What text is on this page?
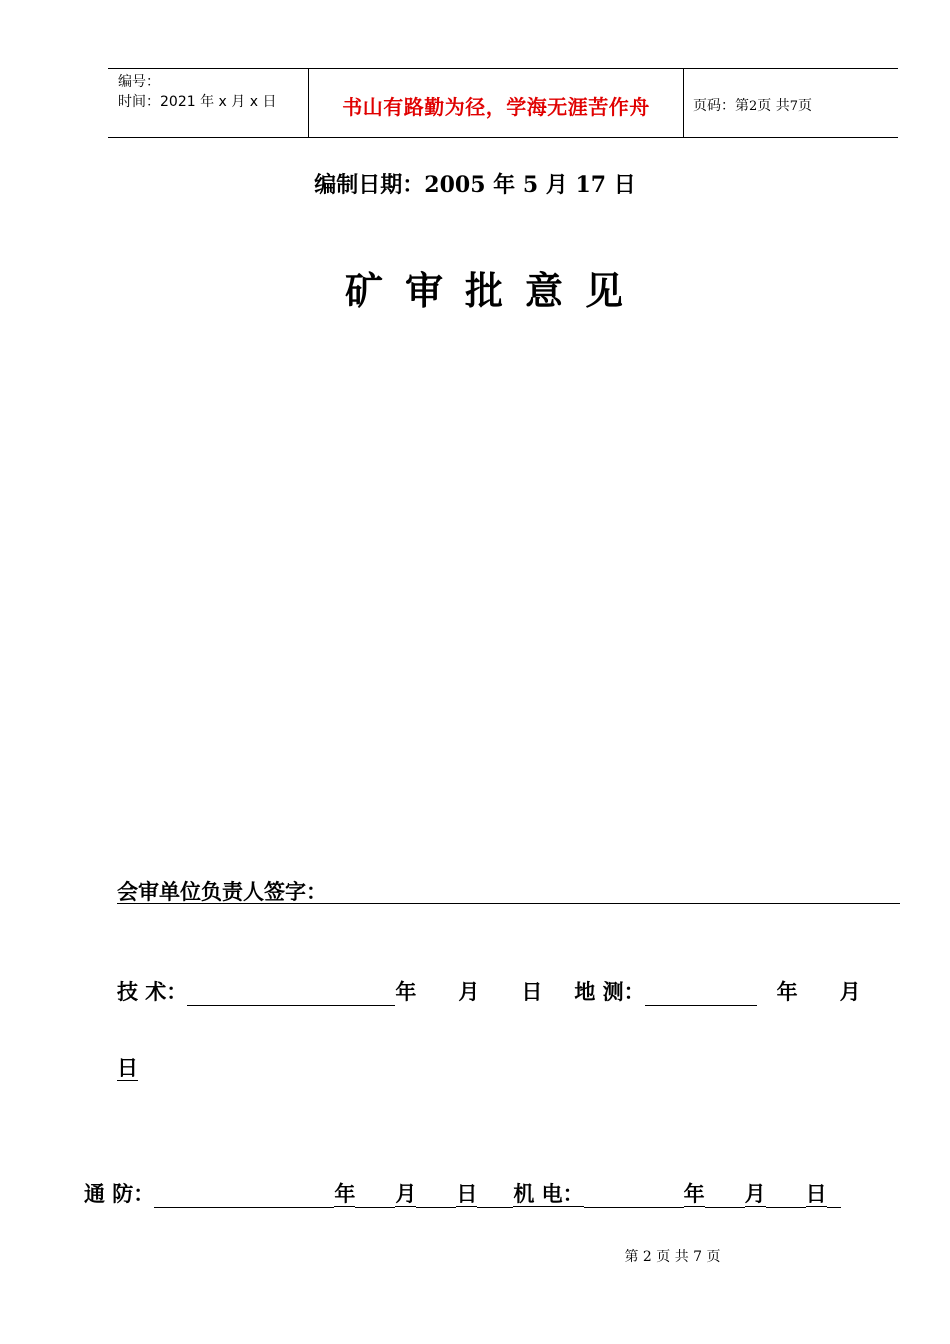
编号：
时间：2021 年 x 月 x 日	书山有路勤为径，学海无涯苦作舟	页码：第2页 共7页
编制日期：2005 年 5 月 17 日
矿审批意见
会审单位负责人签字：
技 术：	年 月 日 地 测：	年 月
日
通 防：	年 月 日 机 电：	年 月 日
第 2 页 共 7 页
